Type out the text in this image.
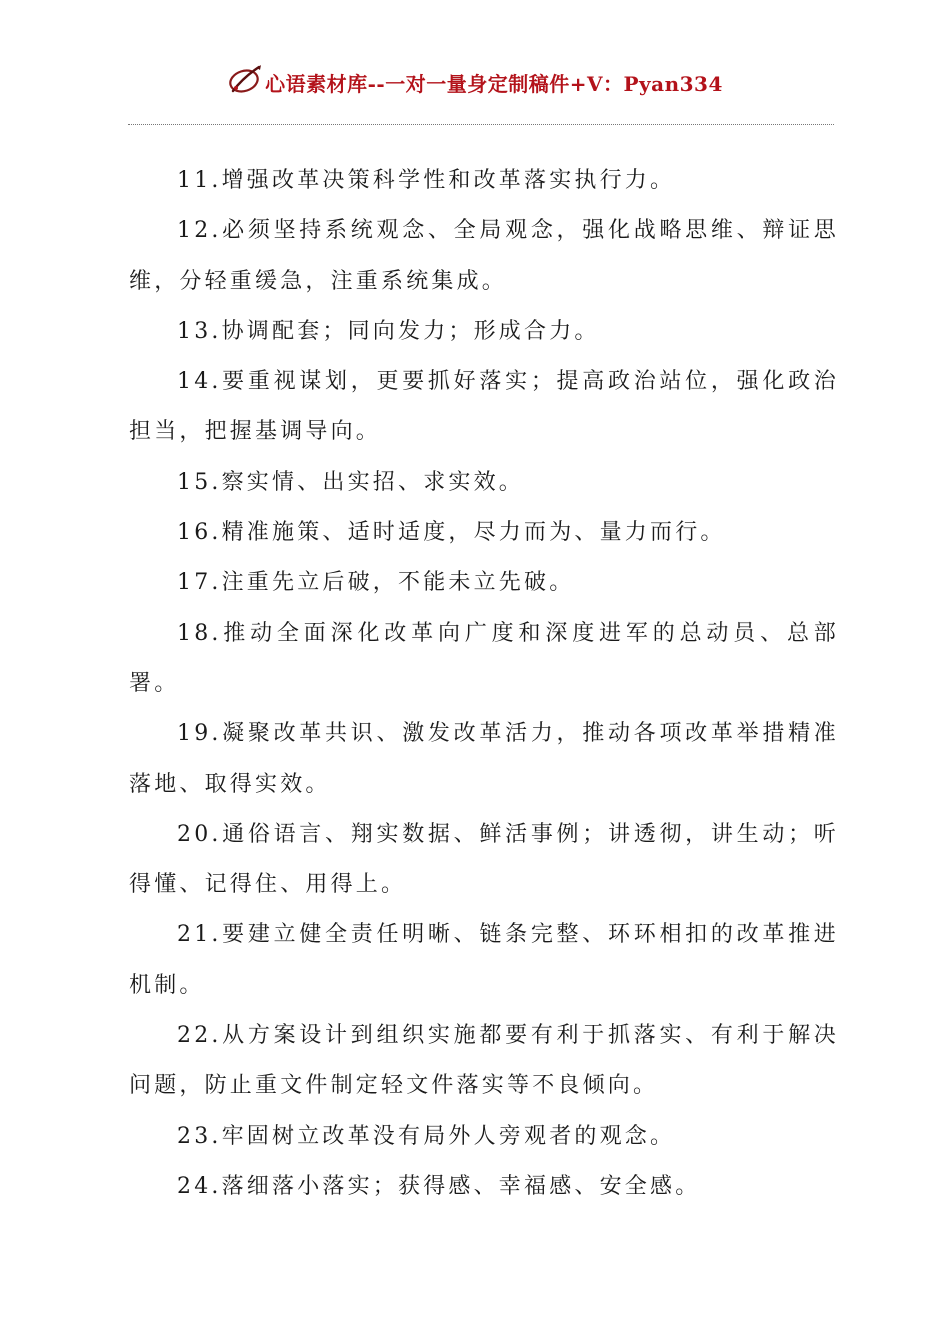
心语素材库--一对一量身定制稿件+V：Pyan334

11.增强改革决策科学性和改革落实执行力。

12.必须坚持系统观念、全局观念，强化战略思维、辩证思维，分轻重缓急，注重系统集成。

13.协调配套；同向发力；形成合力。

14.要重视谋划，更要抓好落实；提高政治站位，强化政治担当，把握基调导向。

15.察实情、出实招、求实效。

16.精准施策、适时适度，尽力而为、量力而行。

17.注重先立后破，不能未立先破。

18.推动全面深化改革向广度和深度进军的总动员、总部署。

19.凝聚改革共识、激发改革活力，推动各项改革举措精准落地、取得实效。

20.通俗语言、翔实数据、鲜活事例；讲透彻，讲生动；听得懂、记得住、用得上。

21.要建立健全责任明晰、链条完整、环环相扣的改革推进机制。

22.从方案设计到组织实施都要有利于抓落实、有利于解决问题，防止重文件制定轻文件落实等不良倾向。

23.牢固树立改革没有局外人旁观者的观念。

24.落细落小落实；获得感、幸福感、安全感。
